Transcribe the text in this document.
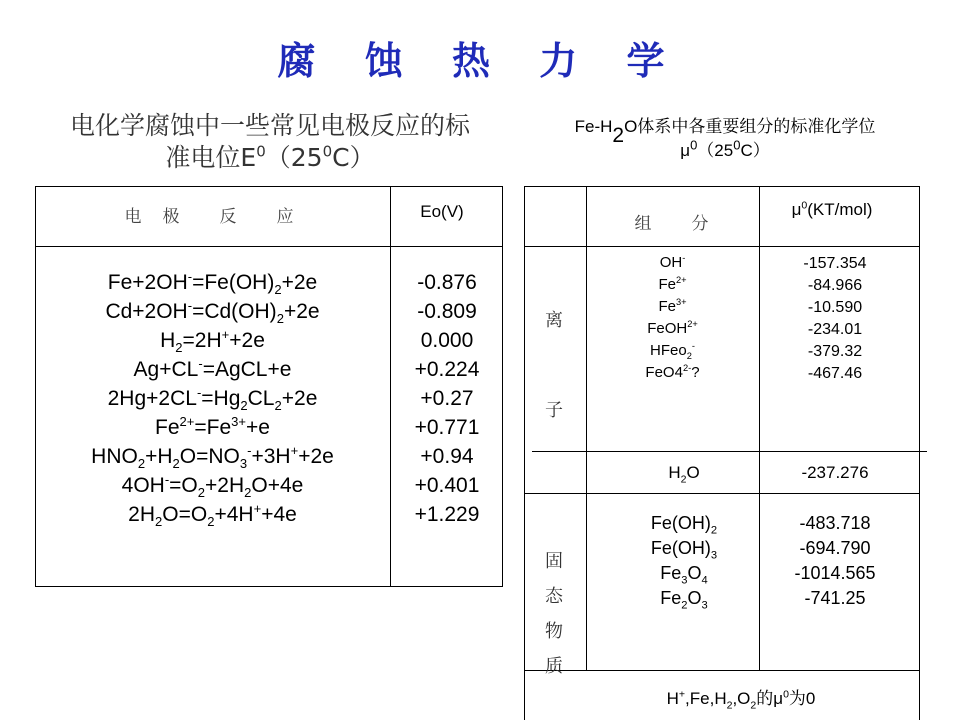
腐 蚀 热 力 学
电化学腐蚀中一些常见电极反应的标
准电位$E^0(25^0C)$
$Fe-H_2O$体系中各重要组分的标准化学位
$\mu^0(25^0C)$
电　极　　反　　应	Eo(V)
$Fe+2OH^-=Fe(OH)_2+2e$
$Cd+2OH^-=Cd(OH)_2+2e$
$H_2=2H^++2e$
Ag+CL-=AgCL+e
$2Hg+2CL^-=Hg_2CL_2+2e$
$Fe^{2+}=Fe^{3+}+e$
$HNO_2+H_2O=NO_3^-+3H^++2e$
$4OH^-=O_2+2H_2O+4e$
$2H_2O=O_2+4H^++4e$
-0.876
-0.809
0.000
+0.224
+0.27
+0.771
+0.94
+0.401
+1.229
组　　分
$\mu^0(KT/mol)$
离
子
OH-
$Fe^{2+}$
$Fe^{3+}$
FeOH$^{2+}$
HFeo$_2$-
$FeO4^{2-}$?
-157.354
-84.966
-10.590
-234.01
-379.32
-467.46
$H_2O$	-237.276
固
态
物
质
$Fe(OH)_2$
$Fe(OH)_3$
$Fe_3O_4$
$Fe_2O_3$
-483.718
-694.790
-1014.565
-741.25
$H^+,Fe,H_2,O_2$的$\mu^0$为0
